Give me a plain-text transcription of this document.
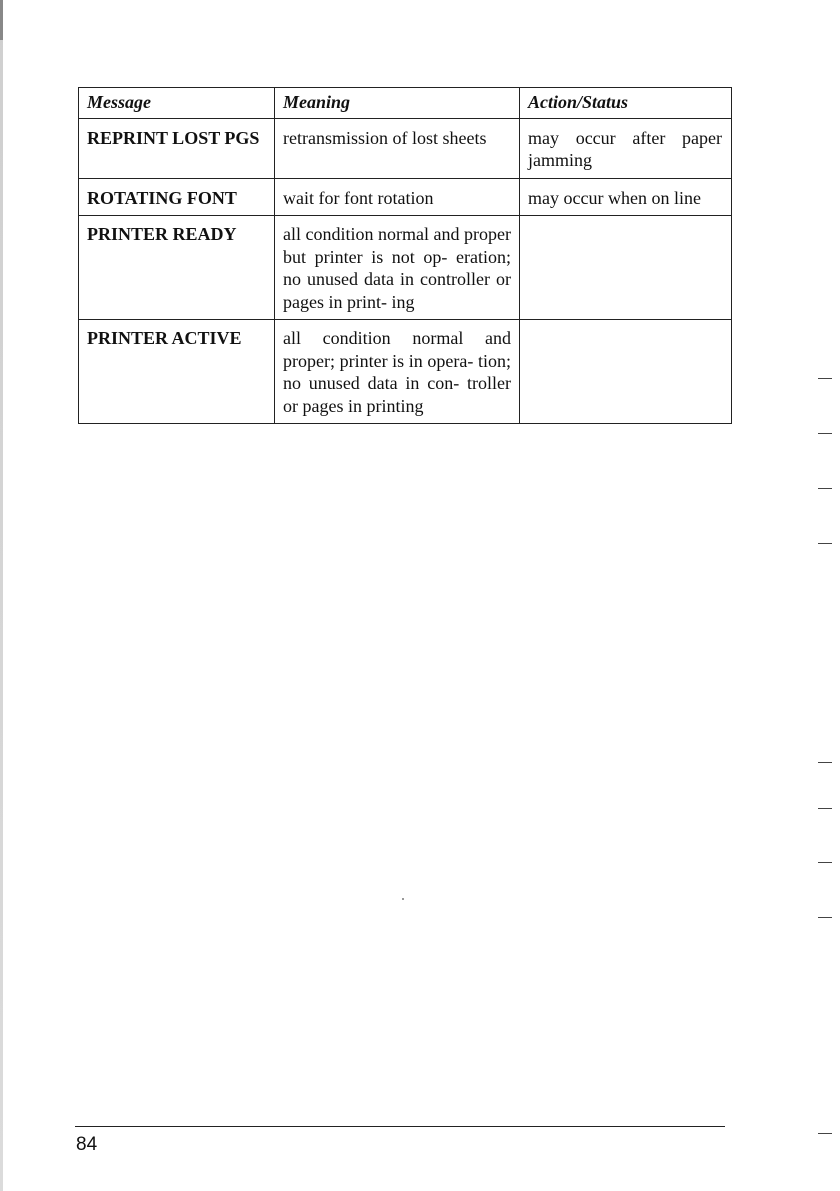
Message	Meaning	Action/Status
REPRINT LOST PGS	retransmission of lost sheets	may occur after paper jamming
ROTATING FONT	wait for font rotation	may occur when on line
PRINTER READY	all condition normal and proper but printer is not op- eration; no unused data in controller or pages in print- ing
PRINTER ACTIVE	all condition normal and proper; printer is in opera- tion; no unused data in con- troller or pages in printing
84
